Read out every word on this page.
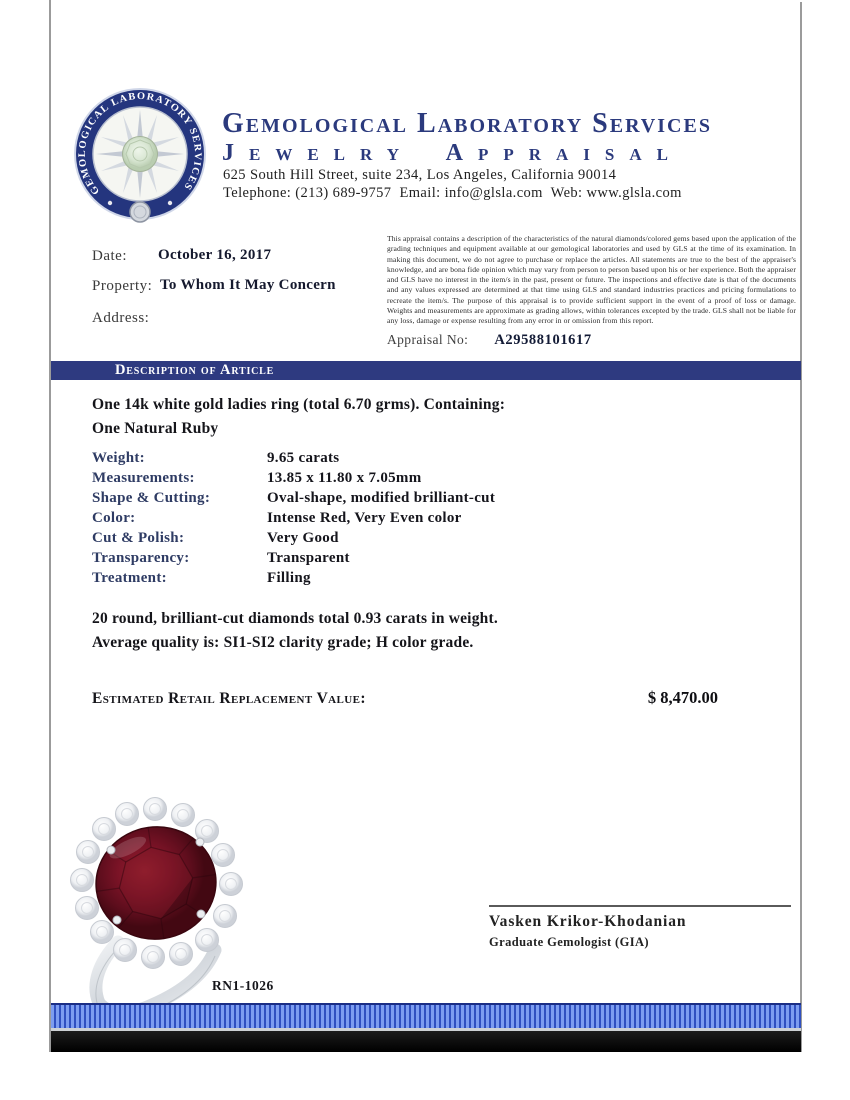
GEMOLOGICAL LABORATORY SERVICES
Gemological Laboratory Services
Jewelry Appraisal
625 South Hill Street, suite 234, Los Angeles, California 90014
Telephone: (213) 689-9757  Email: info@glsla.com  Web: www.glsla.com
Date: October 16, 2017
Property: To Whom It May Concern
Address:
This appraisal contains a description of the characteristics of the natural diamonds/colored gems based upon the application of the grading techniques and equipment available at our gemological laboratories and used by GLS at the time of its examination. In making this document, we do not agree to purchase or replace the articles. All statements are true to the best of the appraiser's knowledge, and are bona fide opinion which may vary from person to person based upon his or her experience. Both the appraiser and GLS have no interest in the item/s in the past, present or future. The inspections and effective date is that of the documents and any values expressed are determined at that time using GLS and standard industries practices and pricing formulations to recreate the item/s. The purpose of this appraisal is to provide sufficient support in the event of a proof of loss or damage. Weights and measurements are approximate as grading allows, within tolerances excepted by the trade. GLS shall not be liable for any loss, damage or expense resulting from any error in or omission from this report.
Appraisal No: A29588101617
Description of Article
One 14k white gold ladies ring (total 6.70 grms). Containing:
One Natural Ruby
Weight:	9.65 carats
Measurements:	13.85 x 11.80 x 7.05mm
Shape & Cutting:	Oval-shape, modified brilliant-cut
Color:	Intense Red, Very Even color
Cut & Polish:	Very Good
Transparency:	Transparent
Treatment:	Filling
20 round, brilliant-cut diamonds total 0.93 carats in weight.
Average quality is: SI1-SI2 clarity grade; H color grade.
Estimated Retail Replacement Value:	$ 8,470.00
RN1-1026
Vasken Krikor-Khodanian
Graduate Gemologist (GIA)
